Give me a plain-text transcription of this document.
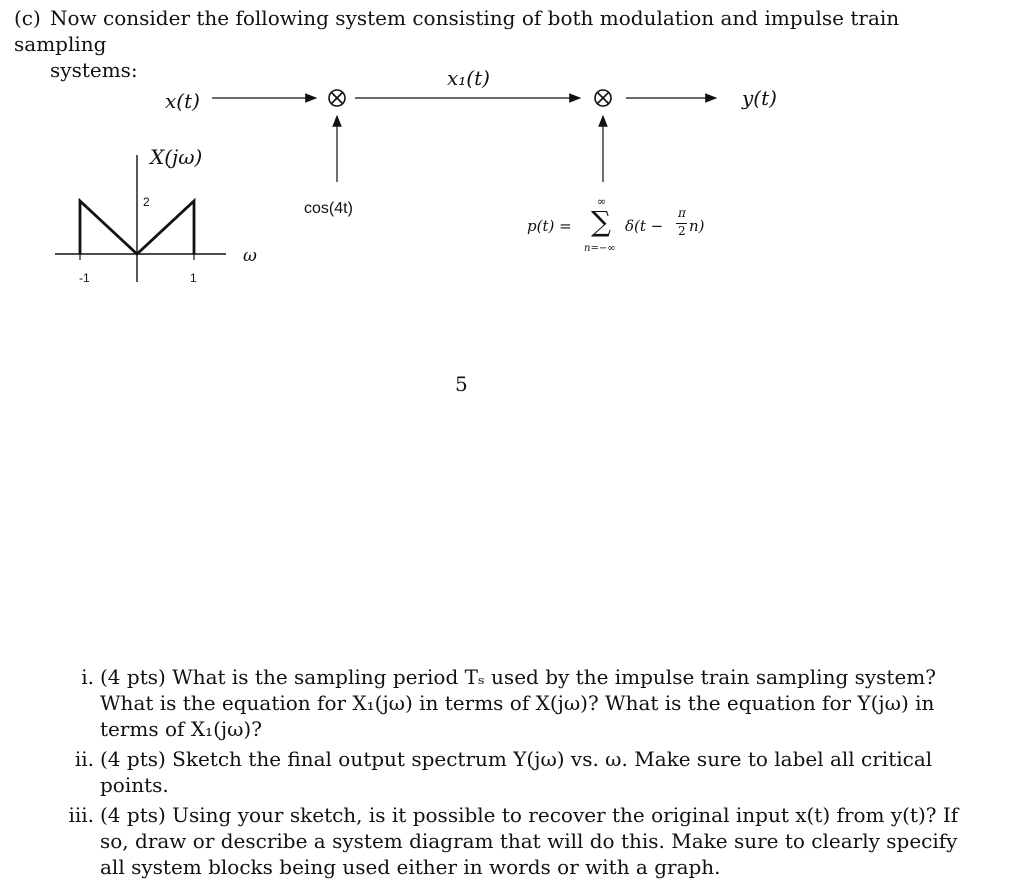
(c) Now consider the following system consisting of both modulation and impulse train sampling
systems:
x(t)
x₁(t)
y(t)
X(jω)
cos(4t)
p(t) =
∞
∑
n=−∞
δ(t −
π
2 n)
2
-1	1
ω
5
i. (4 pts) What is the sampling period Tₛ used by the impulse train sampling system? What is the equation for X₁(jω) in terms of X(jω)? What is the equation for Y(jω) in terms of X₁(jω)?
ii. (4 pts) Sketch the final output spectrum Y(jω) vs. ω. Make sure to label all critical points.
iii. (4 pts) Using your sketch, is it possible to recover the original input x(t) from y(t)? If so, draw or describe a system diagram that will do this. Make sure to clearly specify all system blocks being used either in words or with a graph.
